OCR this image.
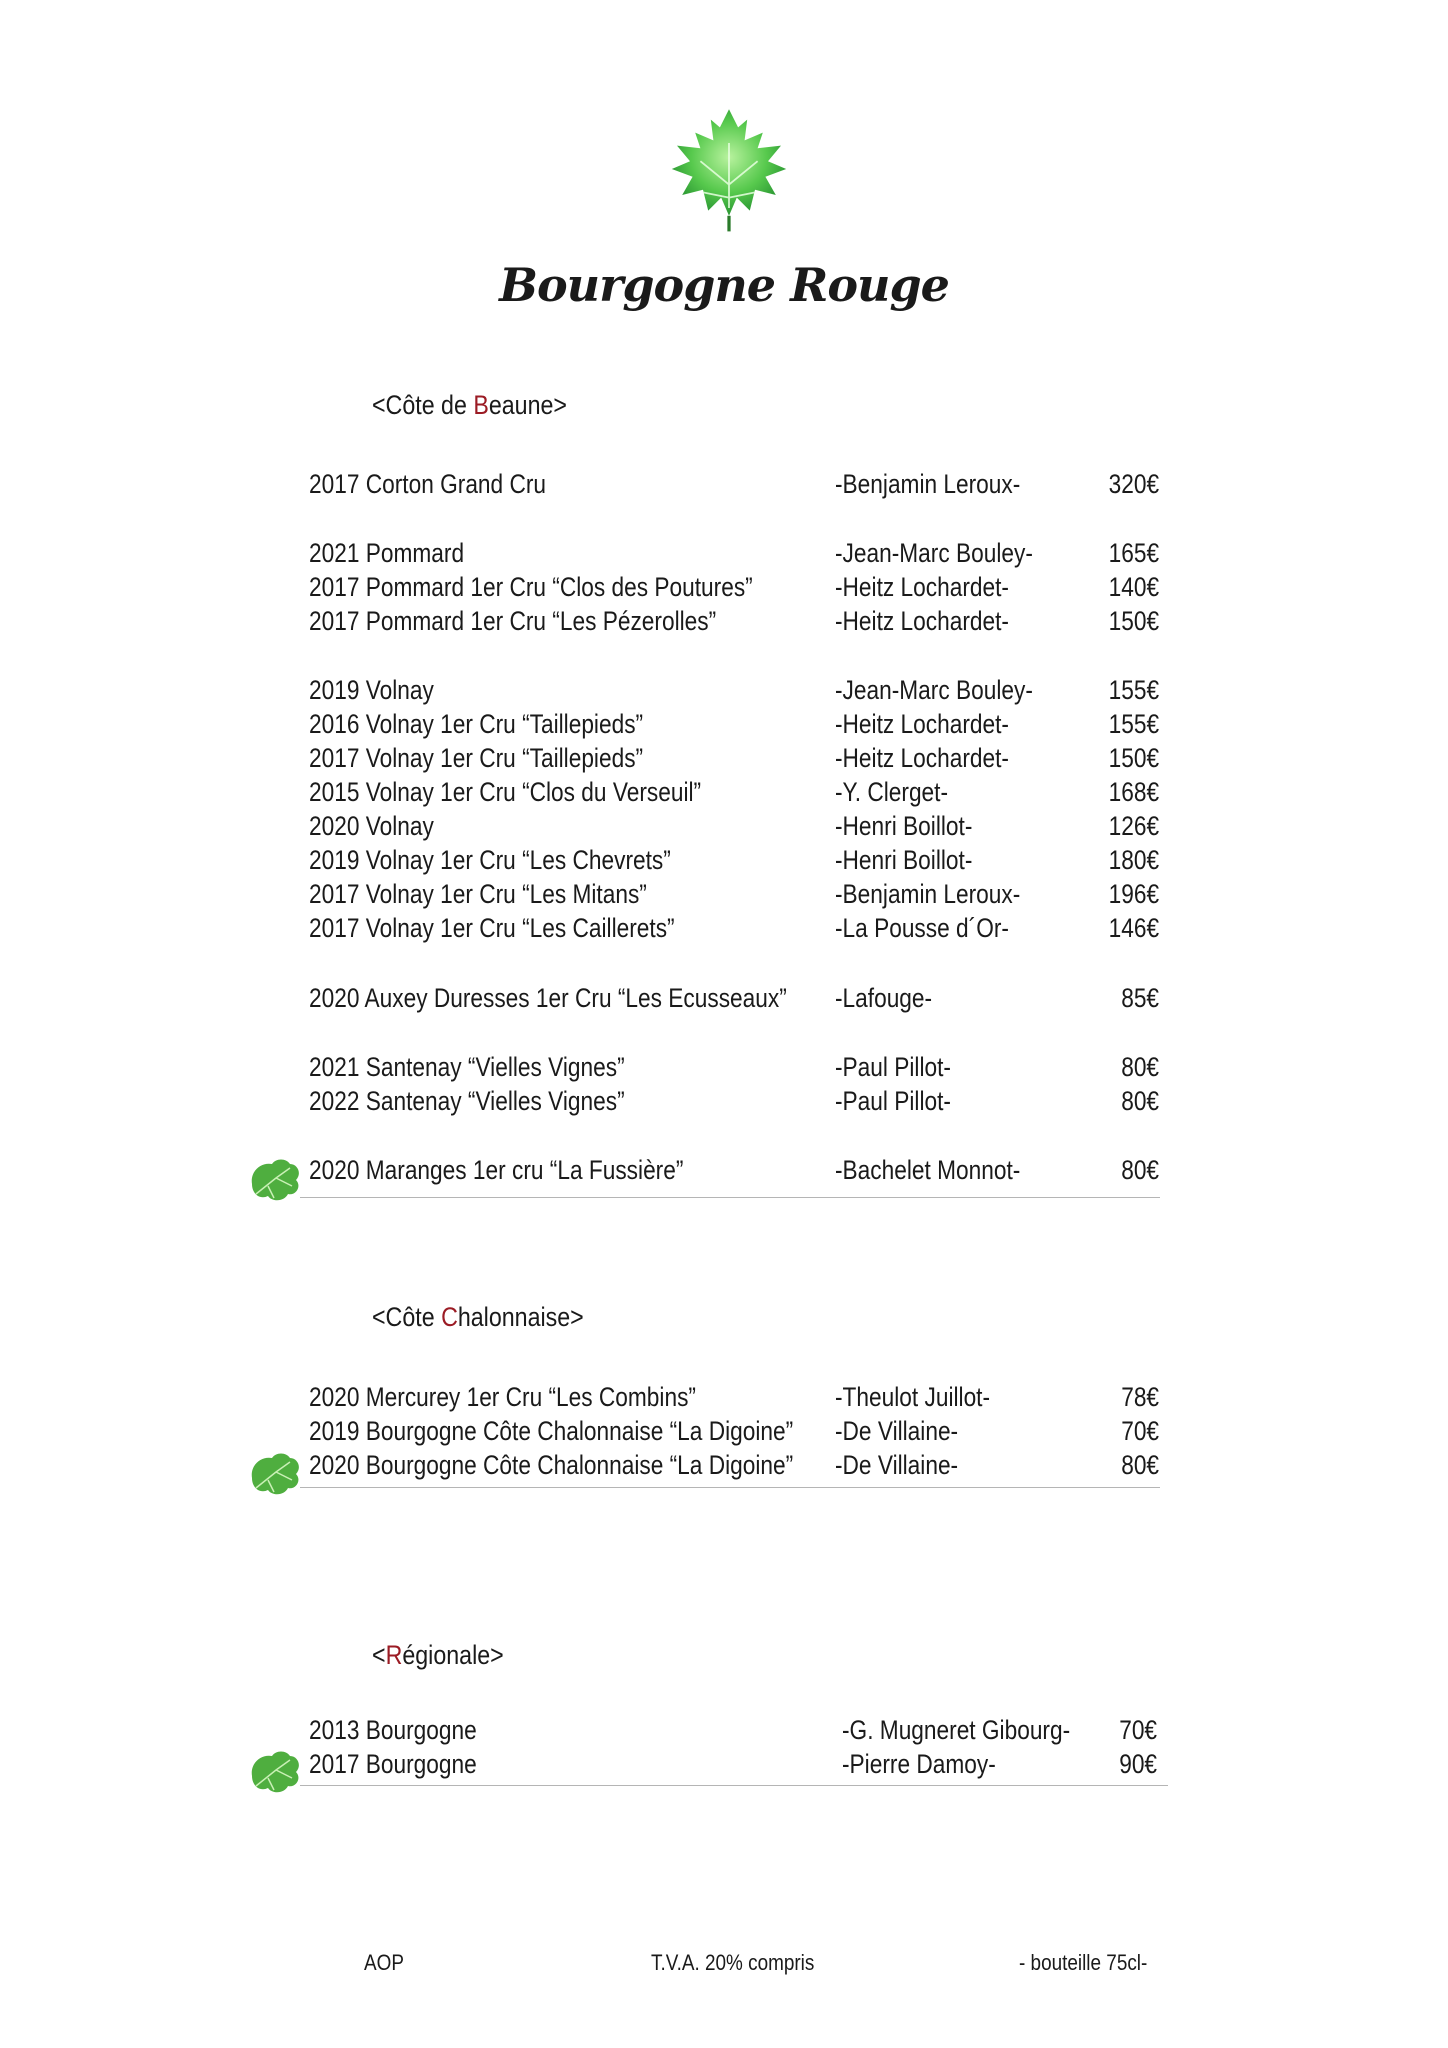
Bourgogne Rouge
<Côte de Beaune>
2017 Corton Grand Cru	-Benjamin Leroux-	320€
2021 Pommard	-Jean-Marc Bouley-	165€
2017 Pommard 1er Cru “Clos des Poutures”	-Heitz Lochardet-	140€
2017 Pommard 1er Cru “Les Pézerolles”	-Heitz Lochardet-	150€
2019 Volnay	-Jean-Marc Bouley-	155€
2016 Volnay 1er Cru “Taillepieds”	-Heitz Lochardet-	155€
2017 Volnay 1er Cru “Taillepieds”	-Heitz Lochardet-	150€
2015 Volnay 1er Cru “Clos du Verseuil”	-Y. Clerget-	168€
2020 Volnay	-Henri Boillot-	126€
2019 Volnay 1er Cru “Les Chevrets”	-Henri Boillot-	180€
2017 Volnay 1er Cru “Les Mitans”	-Benjamin Leroux-	196€
2017 Volnay 1er Cru “Les Caillerets”	-La Pousse d´Or-	146€
2020 Auxey Duresses 1er Cru “Les Ecusseaux” -Lafouge-	85€
2021 Santenay “Vielles Vignes”	-Paul Pillot-	80€
2022 Santenay “Vielles Vignes”	-Paul Pillot-	80€
2020 Maranges 1er cru “La Fussière”	-Bachelet Monnot-	80€
<Côte Chalonnaise>
2020 Mercurey 1er Cru “Les Combins”	-Theulot Juillot-	78€
2019 Bourgogne Côte Chalonnaise “La Digoine” -De Villaine-	70€
2020 Bourgogne Côte Chalonnaise “La Digoine” -De Villaine-	80€
<Régionale>
2013 Bourgogne	-G. Mugneret Gibourg- 70€
2017 Bourgogne	-Pierre Damoy-	90€
AOP	T.V.A. 20% compris	- bouteille 75cl-
